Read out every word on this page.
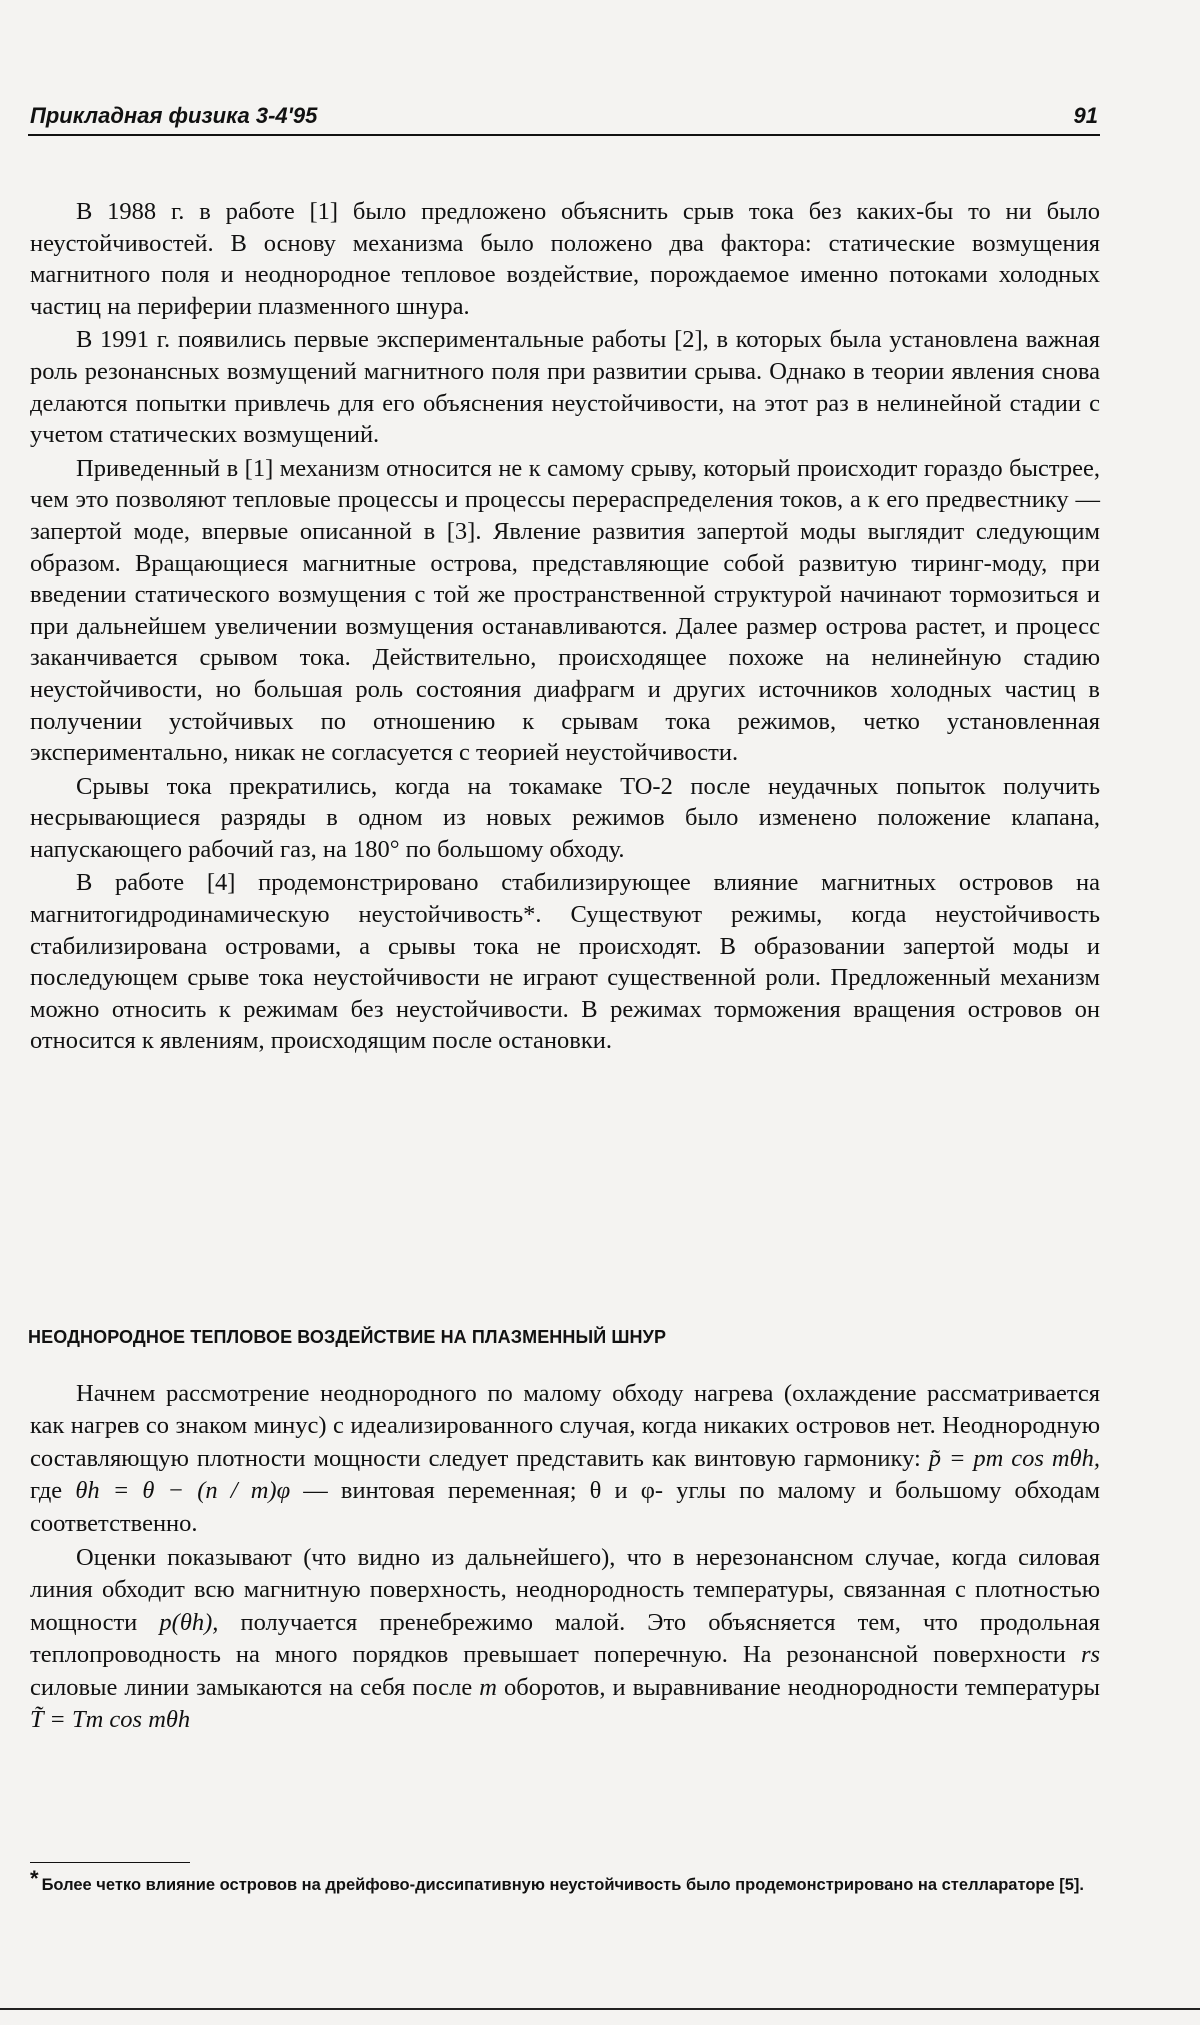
Прикладная физика 3-4'95	91

В 1988 г. в работе [1] было предложено объяснить срыв тока без каких-бы то ни было неустойчивостей. В основу механизма было положено два фактора: статические возмущения магнитного поля и неоднородное тепловое воздействие, порождаемое именно потоками холодных частиц на периферии плазменного шнура.

В 1991 г. появились первые экспериментальные работы [2], в которых была установлена важная роль резонансных возмущений магнитного поля при развитии срыва. Однако в теории явления снова делаются попытки привлечь для его объяснения неустойчивости, на этот раз в нелинейной стадии с учетом статических возмущений.

Приведенный в [1] механизм относится не к самому срыву, который происходит гораздо быстрее, чем это позволяют тепловые процессы и процессы перераспределения токов, а к его предвестнику — запертой моде, впервые описанной в [3]. Явление развития запертой моды выглядит следующим образом. Вращающиеся магнитные острова, представляющие собой развитую тиринг-моду, при введении статического возмущения с той же пространственной структурой начинают тормозиться и при дальнейшем увеличении возмущения останавливаются. Далее размер острова растет, и процесс заканчивается срывом тока. Действительно, происходящее похоже на нелинейную стадию неустойчивости, но большая роль состояния диафрагм и других источников холодных частиц в получении устойчивых по отношению к срывам тока режимов, четко установленная экспериментально, никак не согласуется с теорией неустойчивости.

Срывы тока прекратились, когда на токамаке ТО-2 после неудачных попыток получить несрывающиеся разряды в одном из новых режимов было изменено положение клапана, напускающего рабочий газ, на 180° по большому обходу.

В работе [4] продемонстрировано стабилизирующее влияние магнитных островов на магнитогидродинамическую неустойчивость*. Существуют режимы, когда неустойчивость стабилизирована островами, а срывы тока не происходят. В образовании запертой моды и последующем срыве тока неустойчивости не играют существенной роли. Предложенный механизм можно относить к режимам без неустойчивости. В режимах торможения вращения островов он относится к явлениям, происходящим после остановки.

НЕОДНОРОДНОЕ ТЕПЛОВОЕ ВОЗДЕЙСТВИЕ НА ПЛАЗМЕННЫЙ ШНУР

Начнем рассмотрение неоднородного по малому обходу нагрева (охлаждение рассматривается как нагрев со знаком минус) с идеализированного случая, когда никаких островов нет. Неоднородную составляющую плотности мощности следует представить как винтовую гармонику: p̃ = pm cos mθh, где θh = θ − (n / m)φ — винтовая переменная; θ и φ- углы по малому и большому обходам соответственно.

Оценки показывают (что видно из дальнейшего), что в нерезонансном случае, когда силовая линия обходит всю магнитную поверхность, неоднородность температуры, связанная с плотностью мощности p(θh), получается пренебрежимо малой. Это объясняется тем, что продольная теплопроводность на много порядков превышает поперечную. На резонансной поверхности rs силовые линии замыкаются на себя после m оборотов, и выравнивание неоднородности температуры T̃ = Tm cos mθh

* Более четко влияние островов на дрейфово-диссипативную неустойчивость было продемонстрировано на стеллараторе [5].
